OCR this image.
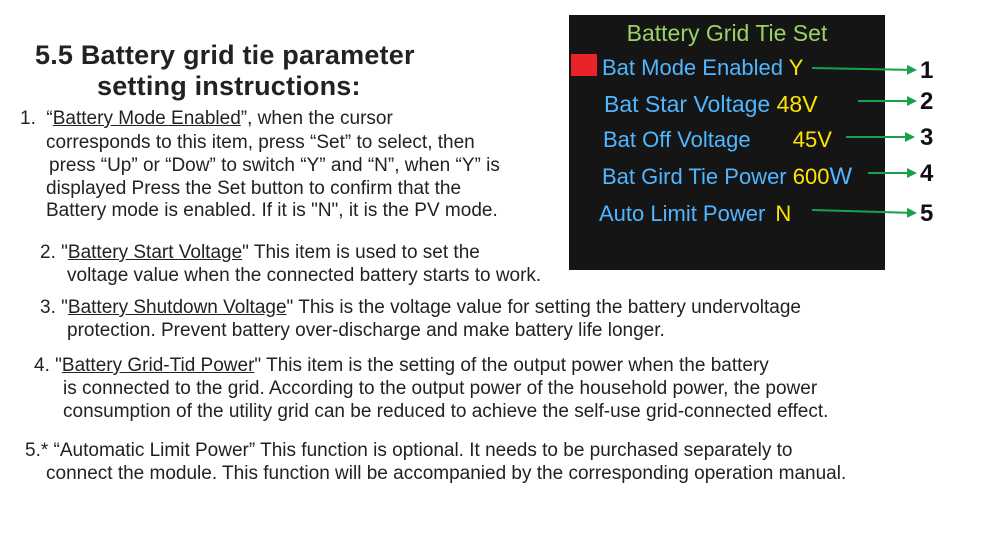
5.5 Battery grid tie parameter
setting instructions:
1. “Battery Mode Enabled”, when the cursor
corresponds to this item, press “Set” to select, then
press “Up” or “Dow” to switch “Y” and “N”, when “Y” is
displayed Press the Set button to confirm that the
Battery mode is enabled. If it is "N", it is the PV mode.
2. "Battery Start Voltage" This item is used to set the
voltage value when the connected battery starts to work.
3. "Battery Shutdown Voltage" This is the voltage value for setting the battery undervoltage
protection. Prevent battery over-discharge and make battery life longer.
4. "Battery Grid-Tid Power" This item is the setting of the output power when the battery
is connected to the grid. According to the output power of the household power, the power
consumption of the utility grid can be reduced to achieve the self-use grid-connected effect.
5.* “Automatic Limit Power” This function is optional. It needs to be purchased separately to
connect the module. This function will be accompanied by the corresponding operation manual.
Battery Grid Tie Set
Bat Mode Enabled Y
Bat Star Voltage 48V
Bat Off Voltage 45V
Bat Gird Tie Power 600W
Auto Limit Power N
1
2
3
4
5
